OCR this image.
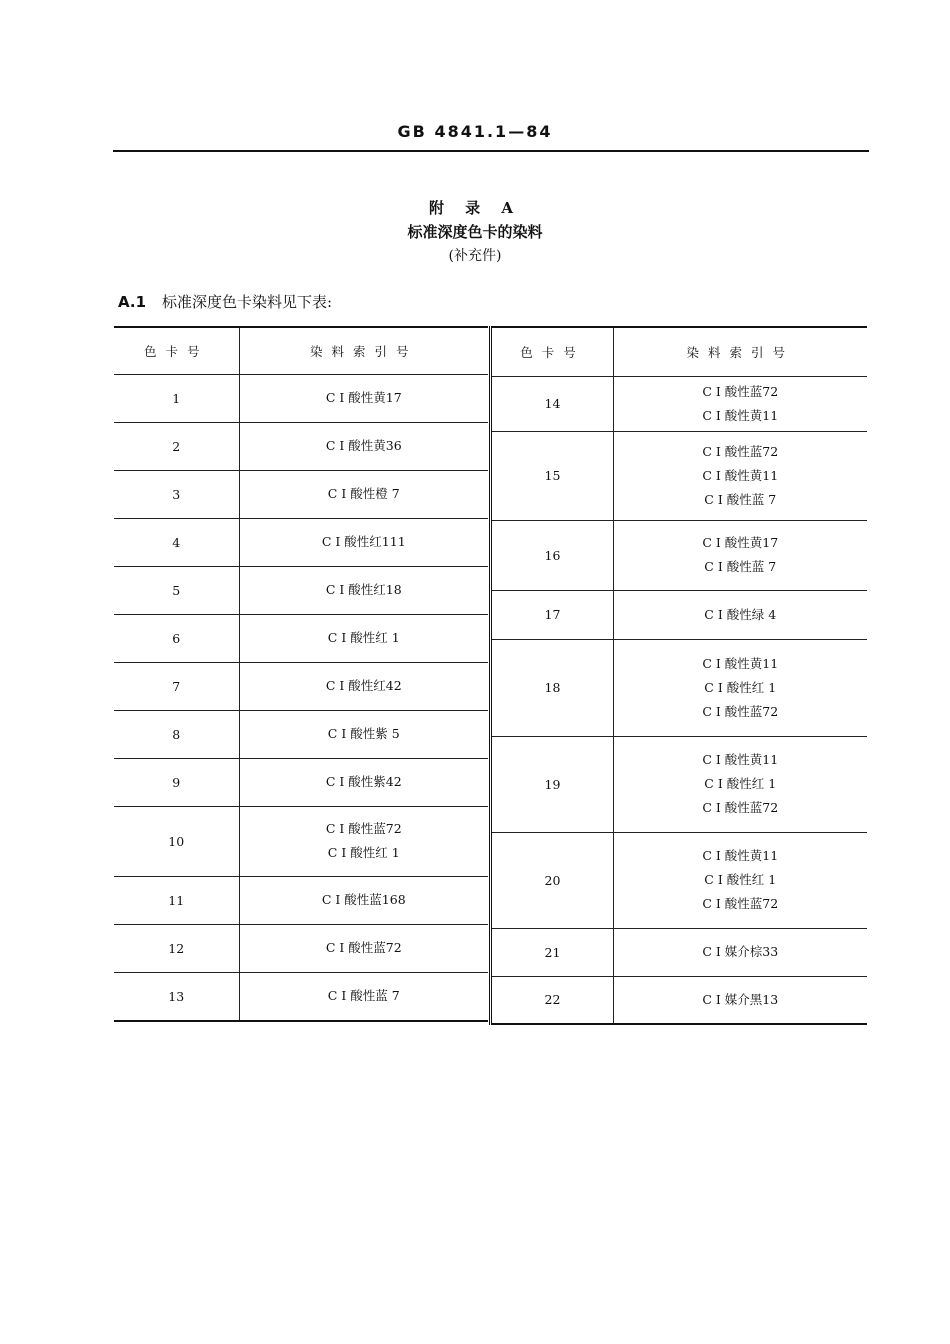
GB 4841.1—84
附 录 A
标准深度色卡的染料
(补充件)
A.1 标准深度色卡染料见下表:
色卡号	染料索引号
1	C I 酸性黄17

2	C I 酸性黄36

3	C I 酸性橙 7

4	C I 酸性红111

5	C I 酸性红18

6	C I 酸性红 1

7	C I 酸性红42

8	C I 酸性紫 5

9	C I 酸性紫42

10	C I 酸性蓝72
C I 酸性红 1

11	C I 酸性蓝168

12	C I 酸性蓝72

13	C I 酸性蓝 7
色卡号	染料索引号
14	C I 酸性蓝72
C I 酸性黄11

15	C I 酸性蓝72
C I 酸性黄11
C I 酸性蓝 7

16	C I 酸性黄17
C I 酸性蓝 7

17	C I 酸性绿 4

18	C I 酸性黄11
C I 酸性红 1
C I 酸性蓝72

19	C I 酸性黄11
C I 酸性红 1
C I 酸性蓝72

20	C I 酸性黄11
C I 酸性红 1
C I 酸性蓝72

21	C I 媒介棕33

22	C I 媒介黑13
